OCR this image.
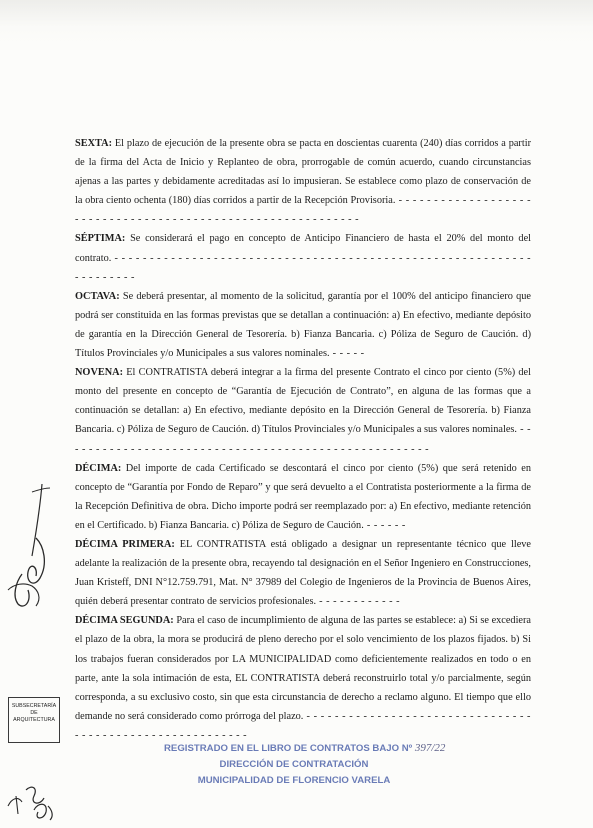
SEXTA: El plazo de ejecución de la presente obra se pacta en doscientas cuarenta (240) días corridos a partir de la firma del Acta de Inicio y Replanteo de obra, prorrogable de común acuerdo, cuando circunstancias ajenas a las partes y debidamente acreditadas así lo impusieran. Se establece como plazo de conservación de la obra ciento ochenta (180) días corridos a partir de la Recepción Provisoria. - - - - - - - - - - - - - - - - - - - - - - - - - - - - - - - - - - - - - - - - - - - - - - - - - - - - - - - - - - - -

SÉPTIMA: Se considerará el pago en concepto de Anticipo Financiero de hasta el 20% del monto del contrato. - - - - - - - - - - - - - - - - - - - - - - - - - - - - - - - - - - - - - - - - - - - - - - - - - - - - - - - - - - - - - - - - - - - -

OCTAVA: Se deberá presentar, al momento de la solicitud, garantía por el 100% del anticipo financiero que podrá ser constituida en las formas previstas que se detallan a continuación: a) En efectivo, mediante depósito de garantía en la Dirección General de Tesorería. b) Fianza Bancaria. c) Póliza de Seguro de Caución. d) Títulos Provinciales y/o Municipales a sus valores nominales. - - - - -

NOVENA: El CONTRATISTA deberá integrar a la firma del presente Contrato el cinco por ciento (5%) del monto del presente en concepto de “Garantía de Ejecución de Contrato”, en alguna de las formas que a continuación se detallan: a) En efectivo, mediante depósito en la Dirección General de Tesorería. b) Fianza Bancaria. c) Póliza de Seguro de Caución. d) Títulos Provinciales y/o Municipales a sus valores nominales. - - - - - - - - - - - - - - - - - - - - - - - - - - - - - - - - - - - - - - - - - - - - - - - - - - - - -

DÉCIMA: Del importe de cada Certificado se descontará el cinco por ciento (5%) que será retenido en concepto de “Garantía por Fondo de Reparo” y que será devuelto a el Contratista posteriormente a la firma de la Recepción Definitiva de obra. Dicho importe podrá ser reemplazado por: a) En efectivo, mediante retención en el Certificado. b) Fianza Bancaria. c) Póliza de Seguro de Caución. - - - - - -

DÉCIMA PRIMERA: EL CONTRATISTA está obligado a designar un representante técnico que lleve adelante la realización de la presente obra, recayendo tal designación en el Señor Ingeniero en Construcciones, Juan Kristeff, DNI N°12.759.791, Mat. N° 37989 del Colegio de Ingenieros de la Provincia de Buenos Aires, quién deberá presentar contrato de servicios profesionales. - - - - - - - - - - - -

DÉCIMA SEGUNDA: Para el caso de incumplimiento de alguna de las partes se establece: a) Si se excediera el plazo de la obra, la mora se producirá de pleno derecho por el solo vencimiento de los plazos fijados. b) Si los trabajos fueran considerados por LA MUNICIPALIDAD como deficientemente realizados en todo o en parte, ante la sola intimación de esta, EL CONTRATISTA deberá reconstruirlo total y/o parcialmente, según corresponda, a su exclusivo costo, sin que esta circunstancia de derecho a reclamo alguno. El tiempo que ello demande no será considerado como prórroga del plazo. - - - - - - - - - - - - - - - - - - - - - - - - - - - - - - - - - - - - - - - - - - - - - - - - - - - - - - - - -

SUBSECRETARÍA
DE
ARQUITECTURA
REGISTRADO EN EL LIBRO DE CONTRATOS BAJO Nº 397/22
DIRECCIÓN DE CONTRATACIÓN
MUNICIPALIDAD DE FLORENCIO VARELA
